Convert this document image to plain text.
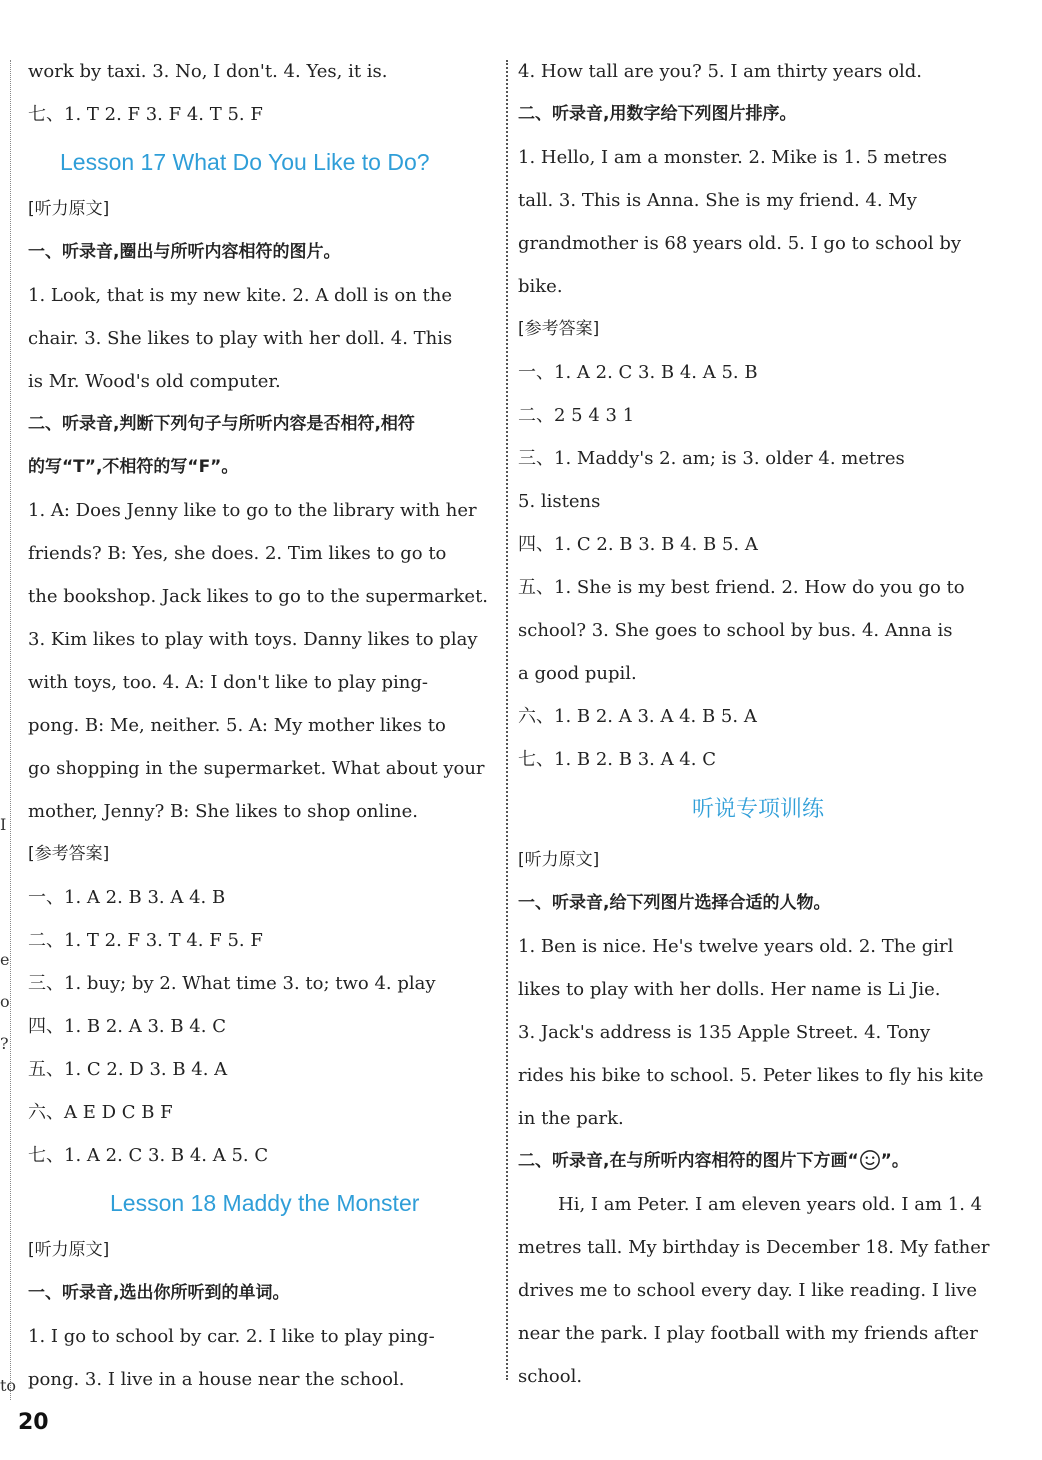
I
e
o
?
to
work by taxi. 3. No, I don't. 4. Yes, it is.
七、1. T 2. F 3. F 4. T 5. F
Lesson 17 What Do You Like to Do?
[听力原文]
一、听录音,圈出与所听内容相符的图片。
1. Look, that is my new kite. 2. A doll is on the
chair. 3. She likes to play with her doll. 4. This
is Mr. Wood's old computer.
二、听录音,判断下列句子与所听内容是否相符,相符
的写“T”,不相符的写“F”。
1. A: Does Jenny like to go to the library with her
friends? B: Yes, she does. 2. Tim likes to go to
the bookshop. Jack likes to go to the supermarket.
3. Kim likes to play with toys. Danny likes to play
with toys, too. 4. A: I don't like to play ping-
pong. B: Me, neither. 5. A: My mother likes to
go shopping in the supermarket. What about your
mother, Jenny? B: She likes to shop online.
[参考答案]
一、1. A 2. B 3. A 4. B
二、1. T 2. F 3. T 4. F 5. F
三、1. buy; by 2. What time 3. to; two 4. play
四、1. B 2. A 3. B 4. C
五、1. C 2. D 3. B 4. A
六、A E D C B F
七、1. A 2. C 3. B 4. A 5. C
Lesson 18 Maddy the Monster
[听力原文]
一、听录音,选出你所听到的单词。
1. I go to school by car. 2. I like to play ping-
pong. 3. I live in a house near the school.
4. How tall are you? 5. I am thirty years old.
二、听录音,用数字给下列图片排序。
1. Hello, I am a monster. 2. Mike is 1. 5 metres
tall. 3. This is Anna. She is my friend. 4. My
grandmother is 68 years old. 5. I go to school by
bike.
[参考答案]
一、1. A 2. C 3. B 4. A 5. B
二、2 5 4 3 1
三、1. Maddy's 2. am; is 3. older 4. metres
5. listens
四、1. C 2. B 3. B 4. B 5. A
五、1. She is my best friend. 2. How do you go to
school? 3. She goes to school by bus. 4. Anna is
a good pupil.
六、1. B 2. A 3. A 4. B 5. A
七、1. B 2. B 3. A 4. C
听说专项训练
[听力原文]
一、听录音,给下列图片选择合适的人物。
1. Ben is nice. He's twelve years old. 2. The girl
likes to play with her dolls. Her name is Li Jie.
3. Jack's address is 135 Apple Street. 4. Tony
rides his bike to school. 5. Peter likes to fly his kite
in the park.
二、听录音,在与所听内容相符的图片下方画“ ”。
Hi, I am Peter. I am eleven years old. I am 1. 4
metres tall. My birthday is December 18. My father
drives me to school every day. I like reading. I live
near the park. I play football with my friends after
school.
20
